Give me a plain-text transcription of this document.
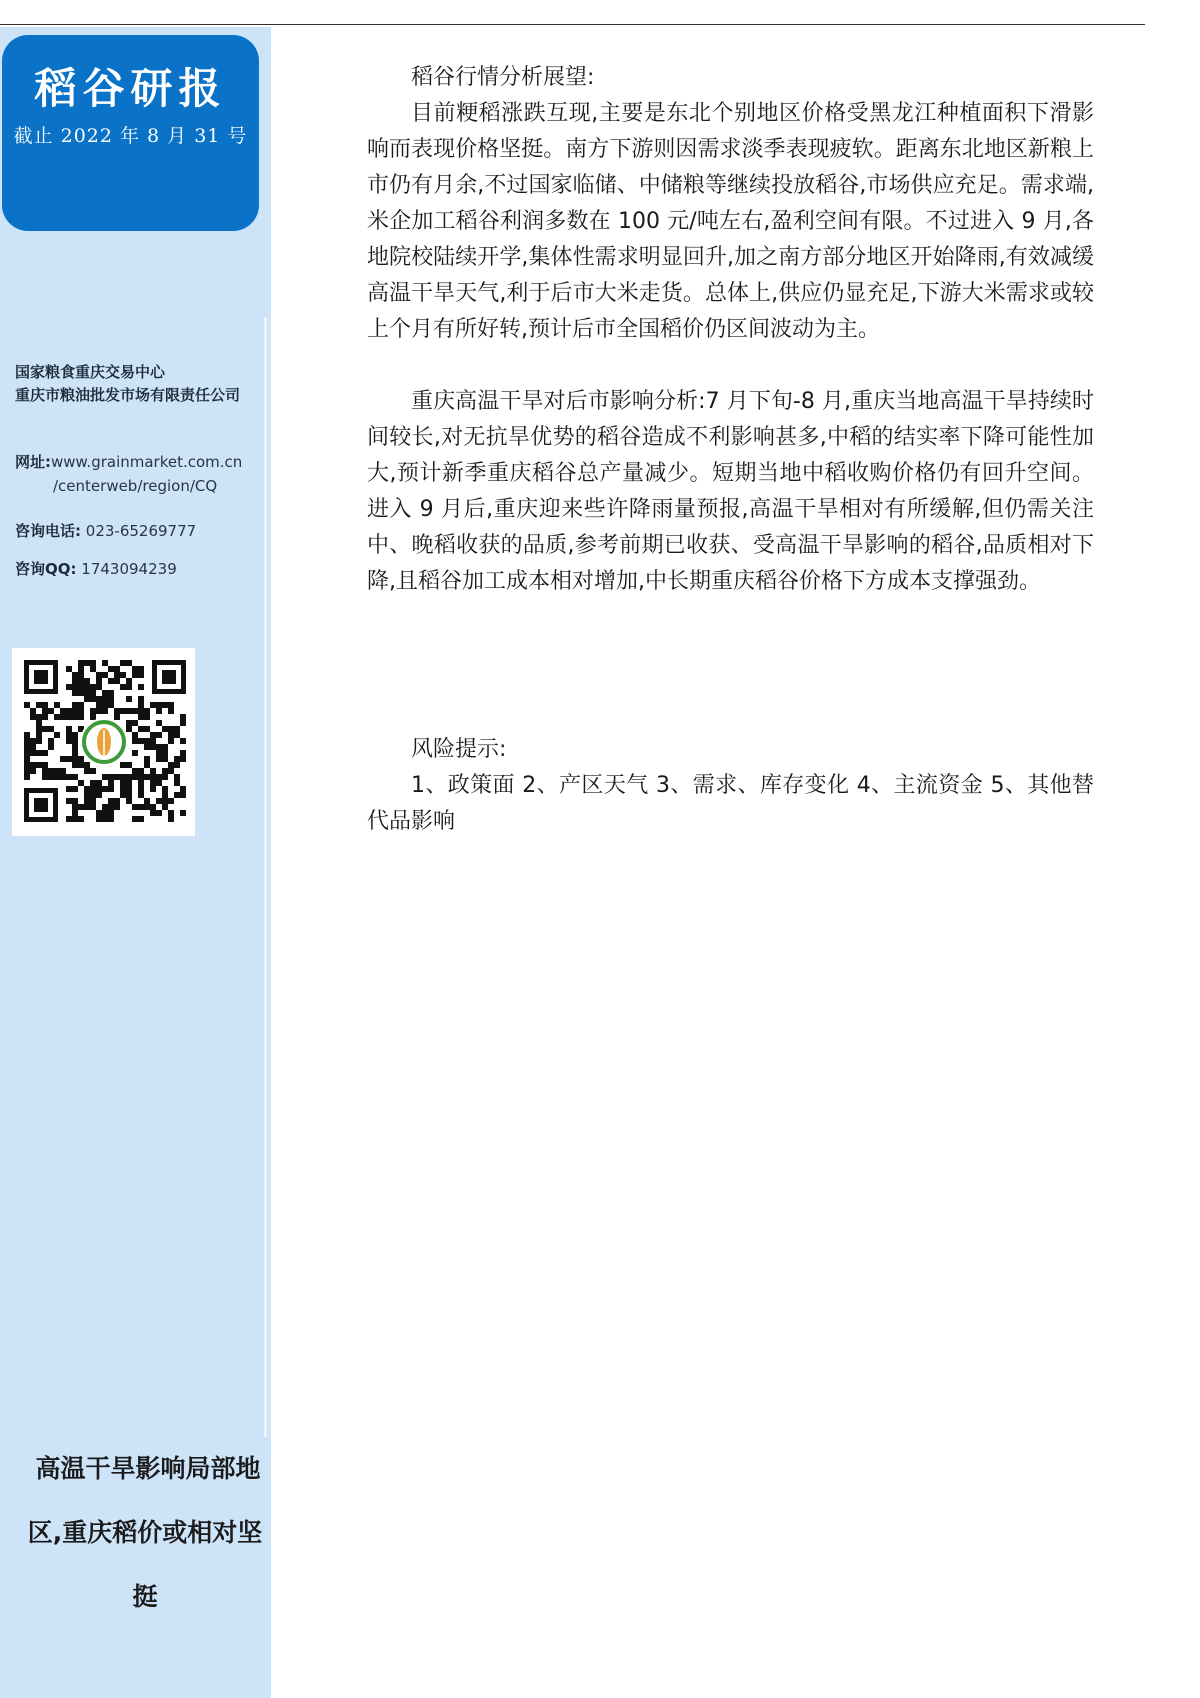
稻谷研报
截止 2022 年 8 月 31 号
国家粮食重庆交易中心
重庆市粮油批发市场有限责任公司
网址:www.grainmarket.com.cn
/centerweb/region/CQ
咨询电话: 023-65269777
咨询QQ: 1743094239
高温干旱影响局部地
区,重庆稻价或相对坚
挺

稻谷行情分析展望:

目前粳稻涨跌互现,主要是东北个别地区价格受黑龙江种植面积下滑影响而表现价格坚挺。南方下游则因需求淡季表现疲软。距离东北地区新粮上市仍有月余,不过国家临储、中储粮等继续投放稻谷,市场供应充足。需求端,米企加工稻谷利润多数在 100 元/吨左右,盈利空间有限。不过进入 9 月,各地院校陆续开学,集体性需求明显回升,加之南方部分地区开始降雨,有效减缓高温干旱天气,利于后市大米走货。总体上,供应仍显充足,下游大米需求或较上个月有所好转,预计后市全国稻价仍区间波动为主。

重庆高温干旱对后市影响分析:7 月下旬-8 月,重庆当地高温干旱持续时间较长,对无抗旱优势的稻谷造成不利影响甚多,中稻的结实率下降可能性加大,预计新季重庆稻谷总产量减少。短期当地中稻收购价格仍有回升空间。进入 9 月后,重庆迎来些许降雨量预报,高温干旱相对有所缓解,但仍需关注中、晚稻收获的品质,参考前期已收获、受高温干旱影响的稻谷,品质相对下降,且稻谷加工成本相对增加,中长期重庆稻谷价格下方成本支撑强劲。

风险提示:

1、政策面 2、产区天气 3、需求、库存变化 4、主流资金 5、其他替代品影响
